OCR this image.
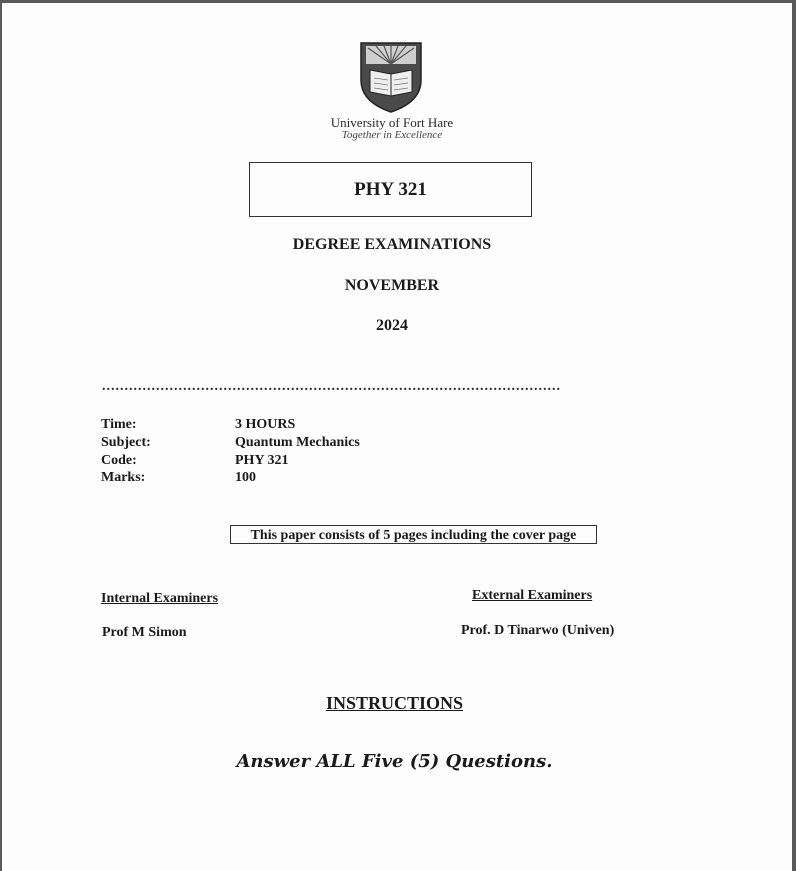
University of Fort Hare
Together in Excellence
PHY 321
DEGREE EXAMINATIONS
NOVEMBER
2024
......................................................................................................
Time:	3 HOURS
Subject:	Quantum Mechanics
Code:	PHY 321
Marks:	100
This paper consists of 5 pages including the cover page
Internal Examiners
Prof M Simon
External Examiners
Prof. D Tinarwo (Univen)
INSTRUCTIONS
Answer ALL Five (5) Questions.
